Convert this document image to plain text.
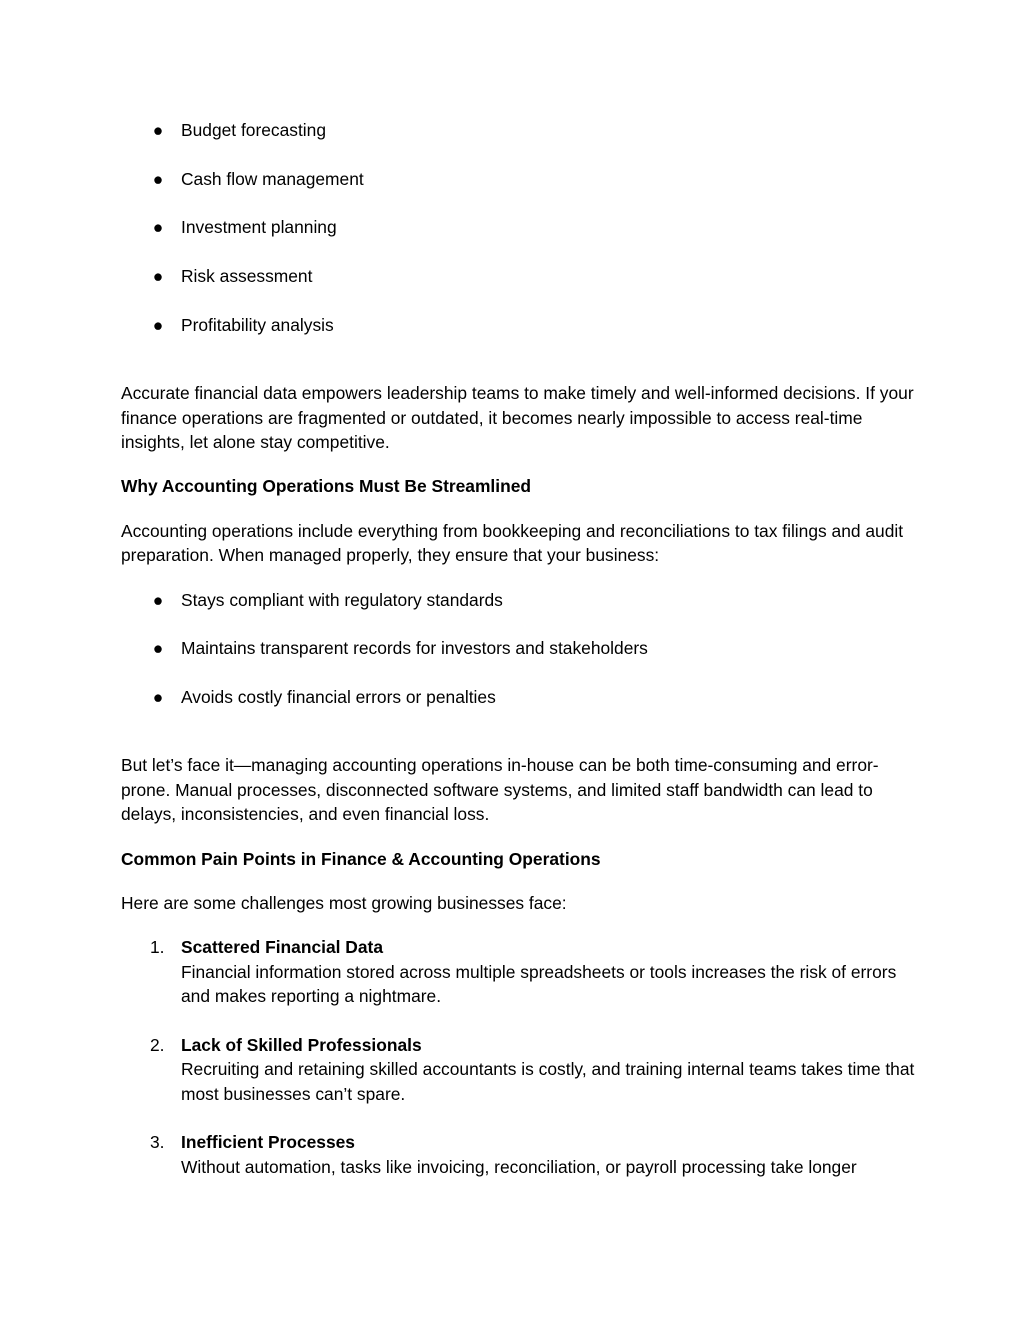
● Budget forecasting
● Cash flow management
● Investment planning
● Risk assessment
● Profitability analysis

Accurate financial data empowers leadership teams to make timely and well-informed decisions. If your finance operations are fragmented or outdated, it becomes nearly impossible to access real-time insights, let alone stay competitive.

Why Accounting Operations Must Be Streamlined

Accounting operations include everything from bookkeeping and reconciliations to tax filings and audit preparation. When managed properly, they ensure that your business:

● Stays compliant with regulatory standards
● Maintains transparent records for investors and stakeholders
● Avoids costly financial errors or penalties

But let’s face it—managing accounting operations in-house can be both time-consuming and error-prone. Manual processes, disconnected software systems, and limited staff bandwidth can lead to delays, inconsistencies, and even financial loss.

Common Pain Points in Finance & Accounting Operations

Here are some challenges most growing businesses face:

1. Scattered Financial Data
Financial information stored across multiple spreadsheets or tools increases the risk of errors and makes reporting a nightmare.
2. Lack of Skilled Professionals
Recruiting and retaining skilled accountants is costly, and training internal teams takes time that most businesses can’t spare.
3. Inefficient Processes
Without automation, tasks like invoicing, reconciliation, or payroll processing take longer
